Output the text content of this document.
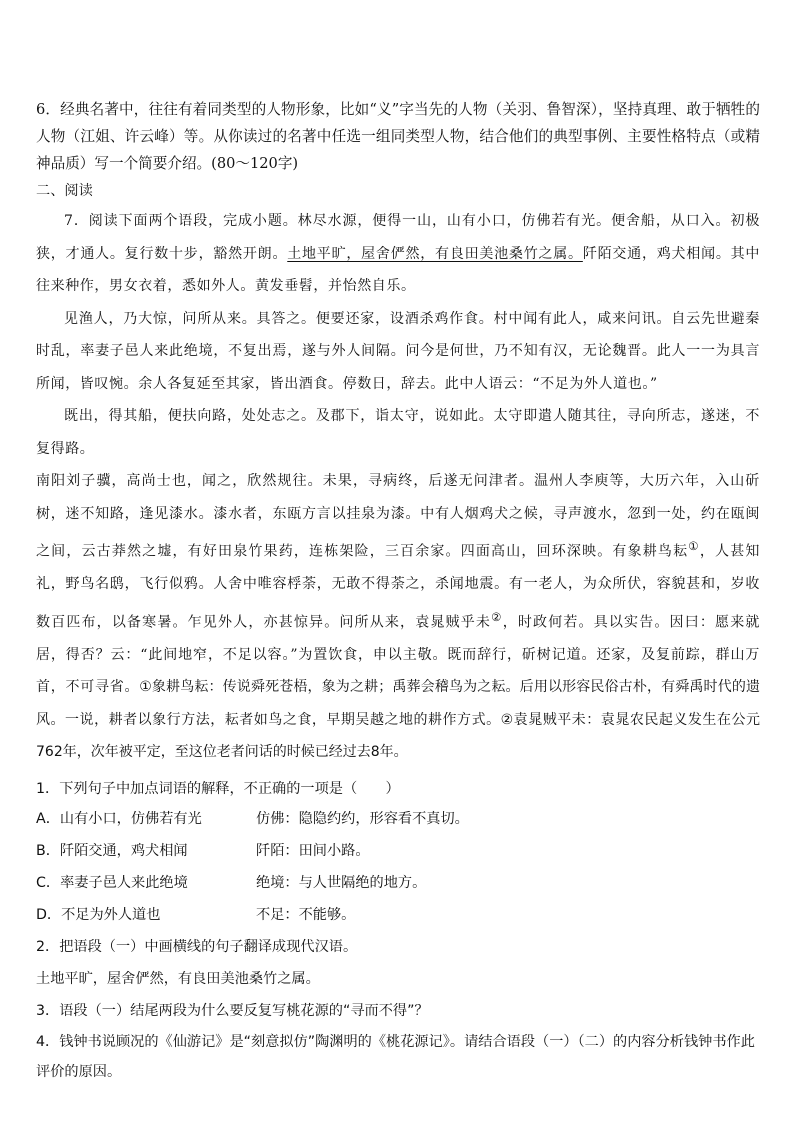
6．经典名著中，往往有着同类型的人物形象，比如“义”字当先的人物（关羽、鲁智深），坚持真理、敢于牺牲的人物（江姐、许云峰）等。从你读过的名著中任选一组同类型人物，结合他们的典型事例、主要性格特点（或精神品质）写一个简要介绍。(80～120字)

二、阅读

7．阅读下面两个语段，完成小题。林尽水源，便得一山，山有小口，仿佛若有光。便舍船，从口入。初极狭，才通人。复行数十步，豁然开朗。土地平旷，屋舍俨然，有良田美池桑竹之属。阡陌交通，鸡犬相闻。其中往来种作，男女衣着，悉如外人。黄发垂髫，并怡然自乐。

见渔人，乃大惊，问所从来。具答之。便要还家，设酒杀鸡作食。村中闻有此人，咸来问讯。自云先世避秦时乱，率妻子邑人来此绝境，不复出焉，遂与外人间隔。问今是何世，乃不知有汉，无论魏晋。此人一一为具言所闻，皆叹惋。余人各复延至其家，皆出酒食。停数日，辞去。此中人语云：“不足为外人道也。”

既出，得其船，便扶向路，处处志之。及郡下，诣太守，说如此。太守即遣人随其往，寻向所志，遂迷，不复得路。

南阳刘子骥，高尚士也，闻之，欣然规往。未果，寻病终，后遂无问津者。温州人李庾等，大历六年，入山斫树，迷不知路，逢见漆水。漆水者，东瓯方言以挂泉为漆。中有人烟鸡犬之候，寻声渡水，忽到一处，约在瓯闽之间，云古莽然之墟，有好田泉竹果药，连栋架险，三百余家。四面高山，回环深映。有象耕鸟耘①，人甚知礼，野鸟名鸱，飞行似鸦。人舍中唯容桴荼，无敢不得荼之，杀闻地震。有一老人，为众所伏，容貌甚和，岁收数百匹布，以备寒暑。乍见外人，亦甚惊异。问所从来，袁晁贼乎未②，时政何若。具以实告。因曰：愿来就居，得否？云：“此间地窄，不足以容。”为置饮食，申以主敬。既而辞行，斫树记道。还家，及复前踪，群山万首，不可寻省。①象耕鸟耘：传说舜死苍梧，象为之耕；禹葬会稽鸟为之耘。后用以形容民俗古朴，有舜禹时代的遗风。一说，耕者以象行方法，耘者如鸟之食，早期吴越之地的耕作方式。②袁晁贼平未：袁晁农民起义发生在公元762年，次年被平定，至这位老者问话的时候已经过去8年。

1．下列句子中加点词语的解释，不正确的一项是（　　）

A．山有小口，仿佛若有光	仿佛：隐隐约约，形容看不真切。
B．阡陌交通，鸡犬相闻	阡陌：田间小路。
C．率妻子邑人来此绝境	绝境：与人世隔绝的地方。
D．不足为外人道也	不足：不能够。

2．把语段（一）中画横线的句子翻译成现代汉语。

土地平旷，屋舍俨然，有良田美池桑竹之属。

3．语段（一）结尾两段为什么要反复写桃花源的“寻而不得”？

4．钱钟书说顾况的《仙游记》是“刻意拟仿”陶渊明的《桃花源记》。请结合语段（一）（二）的内容分析钱钟书作此评价的原因。
